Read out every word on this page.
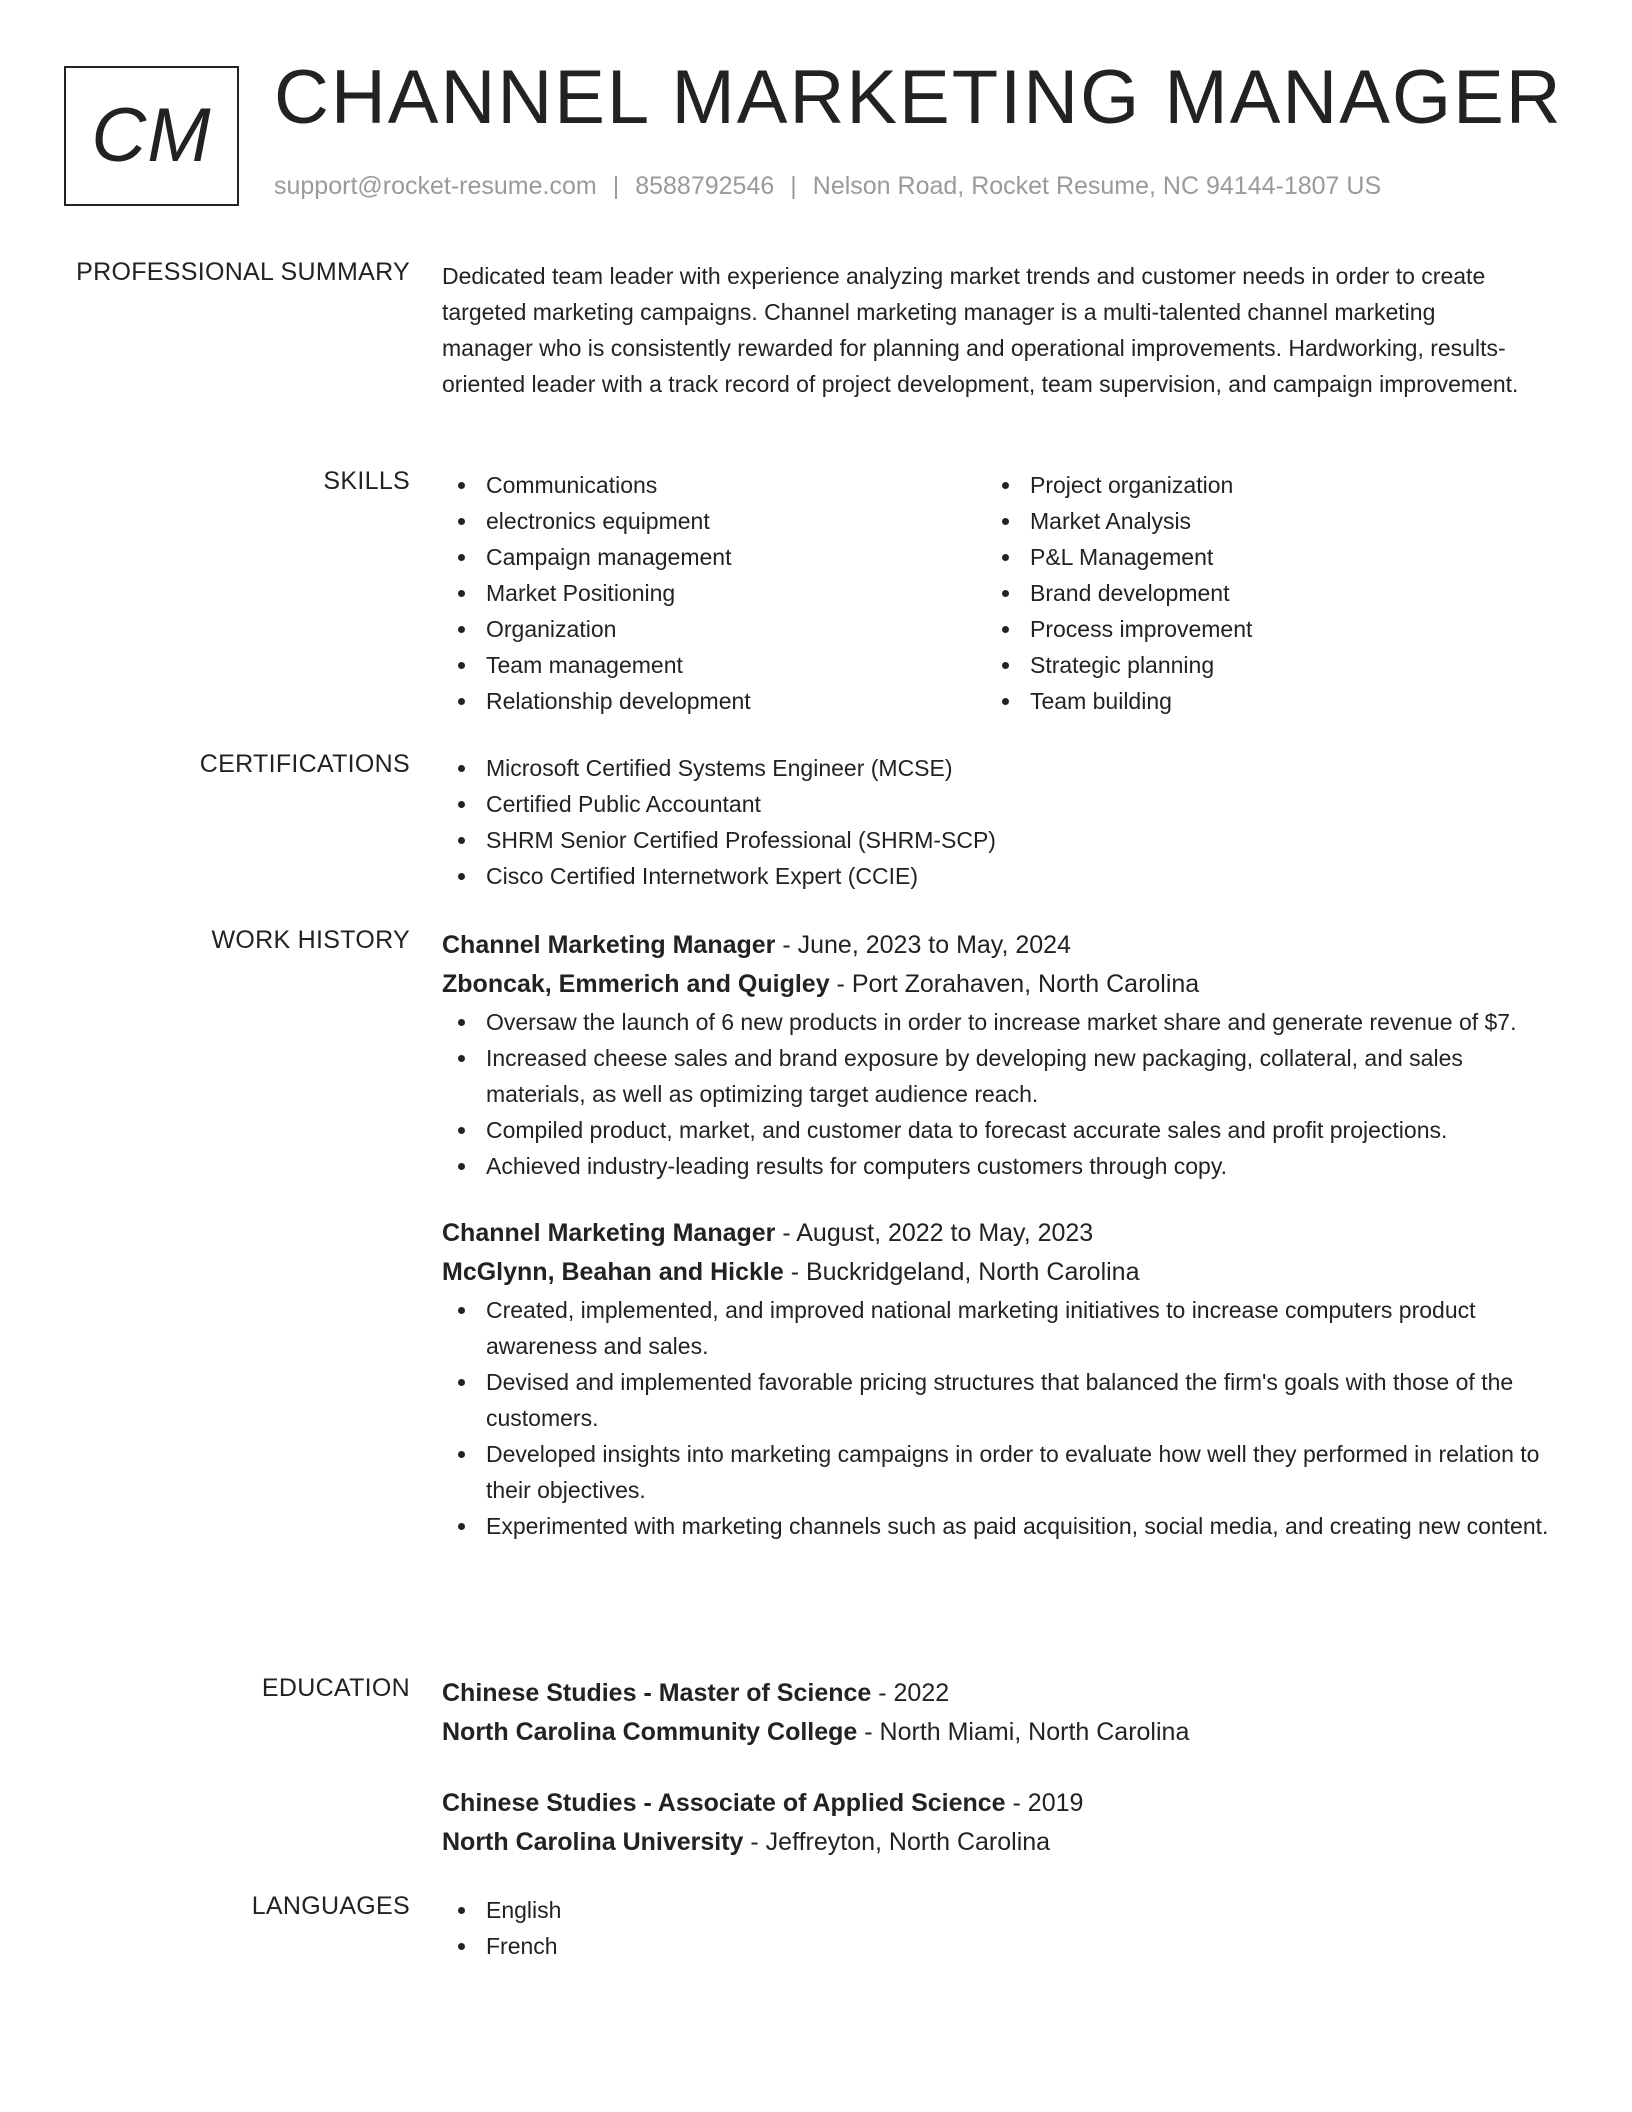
CM CHANNEL MARKETING MANAGER
support@rocket-resume.com | 8588792546 | Nelson Road, Rocket Resume, NC 94144-1807 US
PROFESSIONAL SUMMARY Dedicated team leader with experience analyzing market trends and customer needs in order to create targeted marketing campaigns. Channel marketing manager is a multi-talented channel marketing manager who is consistently rewarded for planning and operational improvements. Hardworking, results-oriented leader with a track record of project development, team supervision, and campaign improvement.

SKILLS	Communications
electronics equipment
Campaign management
Market Positioning
Organization
Team management
Relationship development
Project organization
Market Analysis
P&L Management
Brand development
Process improvement
Strategic planning
Team building
CERTIFICATIONS	Microsoft Certified Systems Engineer (MCSE)
Certified Public Accountant
SHRM Senior Certified Professional (SHRM-SCP)
Cisco Certified Internetwork Expert (CCIE)
WORK HISTORY Channel Marketing Manager - June, 2023 to May, 2024
Zboncak, Emmerich and Quigley - Port Zorahaven, North Carolina
Oversaw the launch of 6 new products in order to increase market share and generate revenue of $7.
Increased cheese sales and brand exposure by developing new packaging, collateral, and sales materials, as well as optimizing target audience reach.
Compiled product, market, and customer data to forecast accurate sales and profit projections.
Achieved industry-leading results for computers customers through copy.
Channel Marketing Manager - August, 2022 to May, 2023
McGlynn, Beahan and Hickle - Buckridgeland, North Carolina
Created, implemented, and improved national marketing initiatives to increase computers product awareness and sales.
Devised and implemented favorable pricing structures that balanced the firm's goals with those of the customers.
Developed insights into marketing campaigns in order to evaluate how well they performed in relation to their objectives.
Experimented with marketing channels such as paid acquisition, social media, and creating new content.
EDUCATION Chinese Studies - Master of Science - 2022
North Carolina Community College - North Miami, North Carolina
Chinese Studies - Associate of Applied Science - 2019
North Carolina University - Jeffreyton, North Carolina
LANGUAGES	English
French
